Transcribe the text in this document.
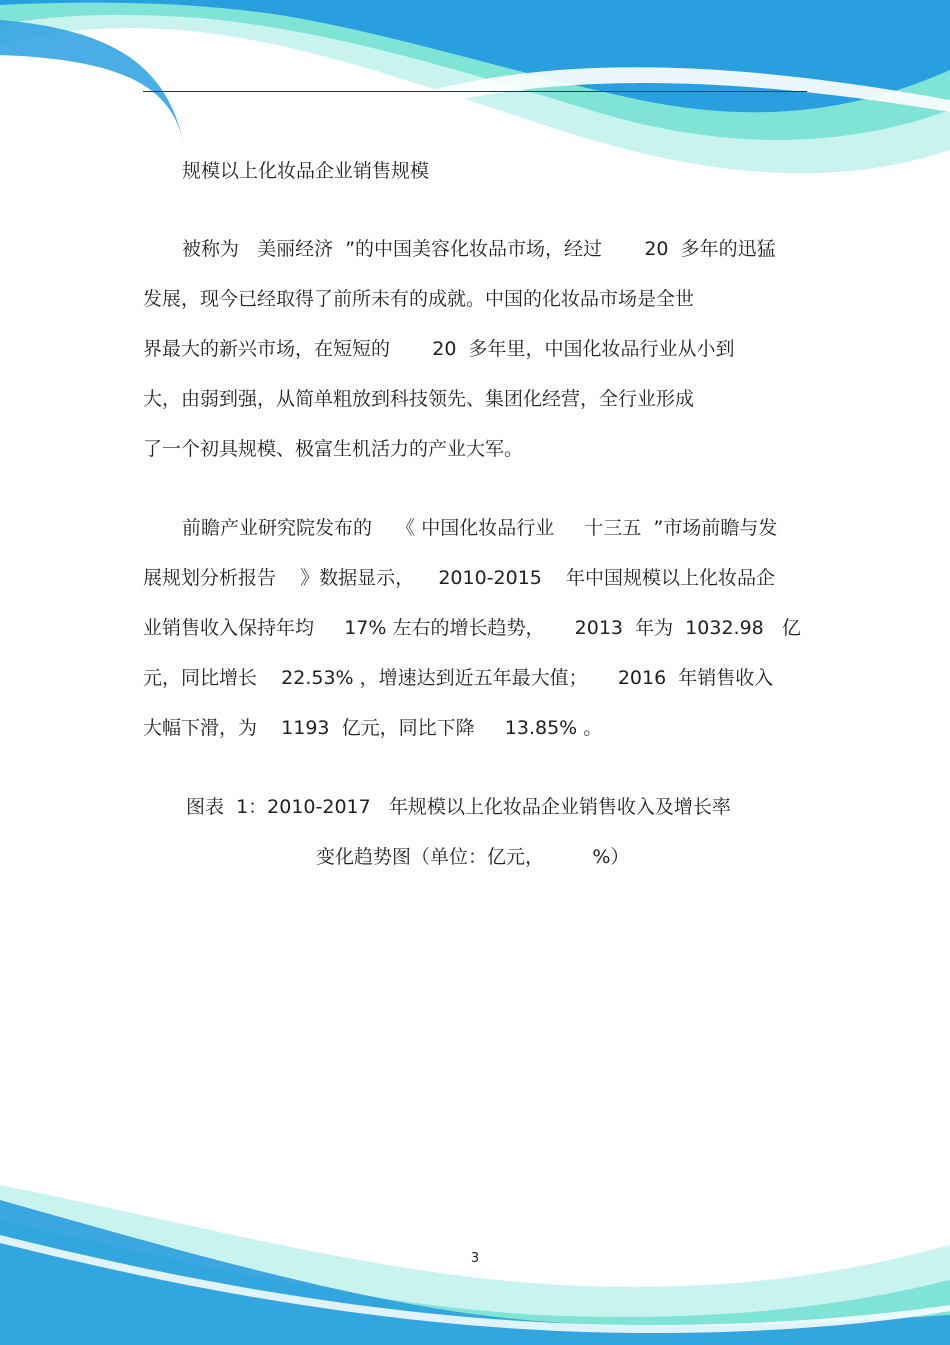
规模以上化妆品企业销售规模
被称为   美丽经济  ”的中国美容化妆品市场，经过       20  多年的迅猛
发展，现今已经取得了前所未有的成就。中国的化妆品市场是全世
界最大的新兴市场，在短短的       20  多年里，中国化妆品行业从小到
大，由弱到强，从简单粗放到科技领先、集团化经营，全行业形成
了一个初具规模、极富生机活力的产业大军。
前瞻产业研究院发布的    《 中国化妆品行业     十三五  ”市场前瞻与发
展规划分析报告    》数据显示，    2010-2015    年中国规模以上化妆品企
业销售收入保持年均     17% 左右的增长趋势，     2013  年为  1032.98   亿
元，同比增长    22.53% ，增速达到近五年最大值；     2016  年销售收入
大幅下滑，为    1193  亿元，同比下降     13.85% 。
图表  1：2010-2017   年规模以上化妆品企业销售收入及增长率
变化趋势图（单位：亿元，        %）
3
